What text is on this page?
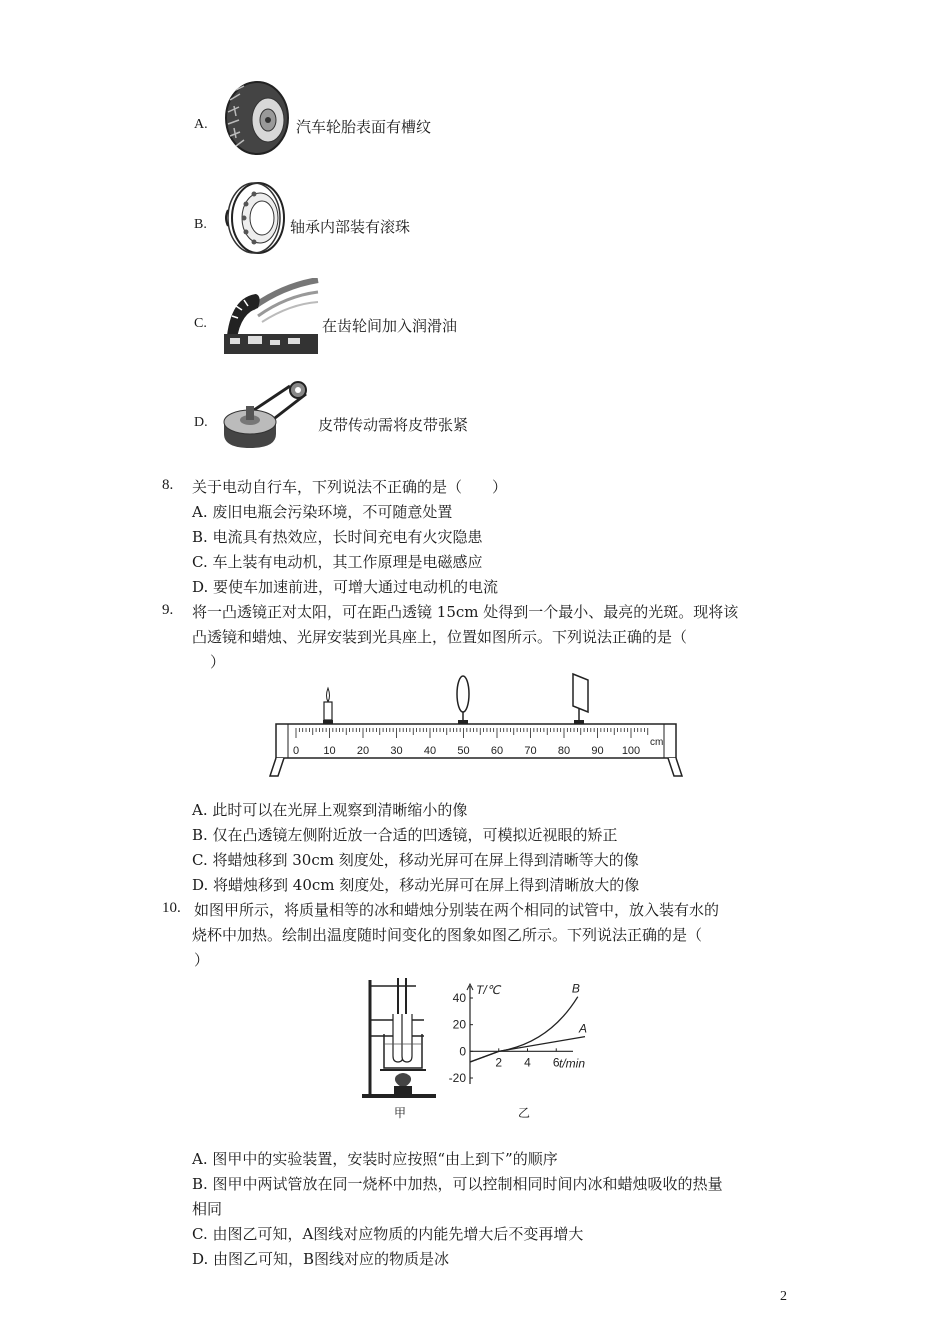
A.	汽车轮胎表面有槽纹
B.	轴承内部装有滚珠
C.	在齿轮间加入润滑油
D.	皮带传动需将皮带张紧
8. 关于电动自行车，下列说法不正确的是（　　）
A. 废旧电瓶会污染环境，不可随意处置
B. 电流具有热效应，长时间充电有火灾隐患
C. 车上装有电动机，其工作原理是电磁感应
D. 要使车加速前进，可增大通过电动机的电流
9. 将一凸透镜正对太阳，可在距凸透镜 15cm 处得到一个最小、最亮的光斑。现将该
凸透镜和蜡烛、光屏安装到光具座上，位置如图所示。下列说法正确的是（
）
0 10 20 30 40 50 60 70 80 90 100
cm
A. 此时可以在光屏上观察到清晰缩小的像
B. 仅在凸透镜左侧附近放一合适的凹透镜，可模拟近视眼的矫正
C. 将蜡烛移到 30cm 刻度处，移动光屏可在屏上得到清晰等大的像
D. 将蜡烛移到 40cm 刻度处，移动光屏可在屏上得到清晰放大的像
10. 如图甲所示，将质量相等的冰和蜡烛分别装在两个相同的试管中，放入装有水的
烧杯中加热。绘制出温度随时间变化的图象如图乙所示。下列说法正确的是（
）
甲
40
20
0
-20
2 4 6
T/℃
t/min
A
B
乙
A. 图甲中的实验装置，安装时应按照“由上到下”的顺序
B. 图甲中两试管放在同一烧杯中加热，可以控制相同时间内冰和蜡烛吸收的热量
相同
C. 由图乙可知，A图线对应物质的内能先增大后不变再增大
D. 由图乙可知，B图线对应的物质是冰
2
